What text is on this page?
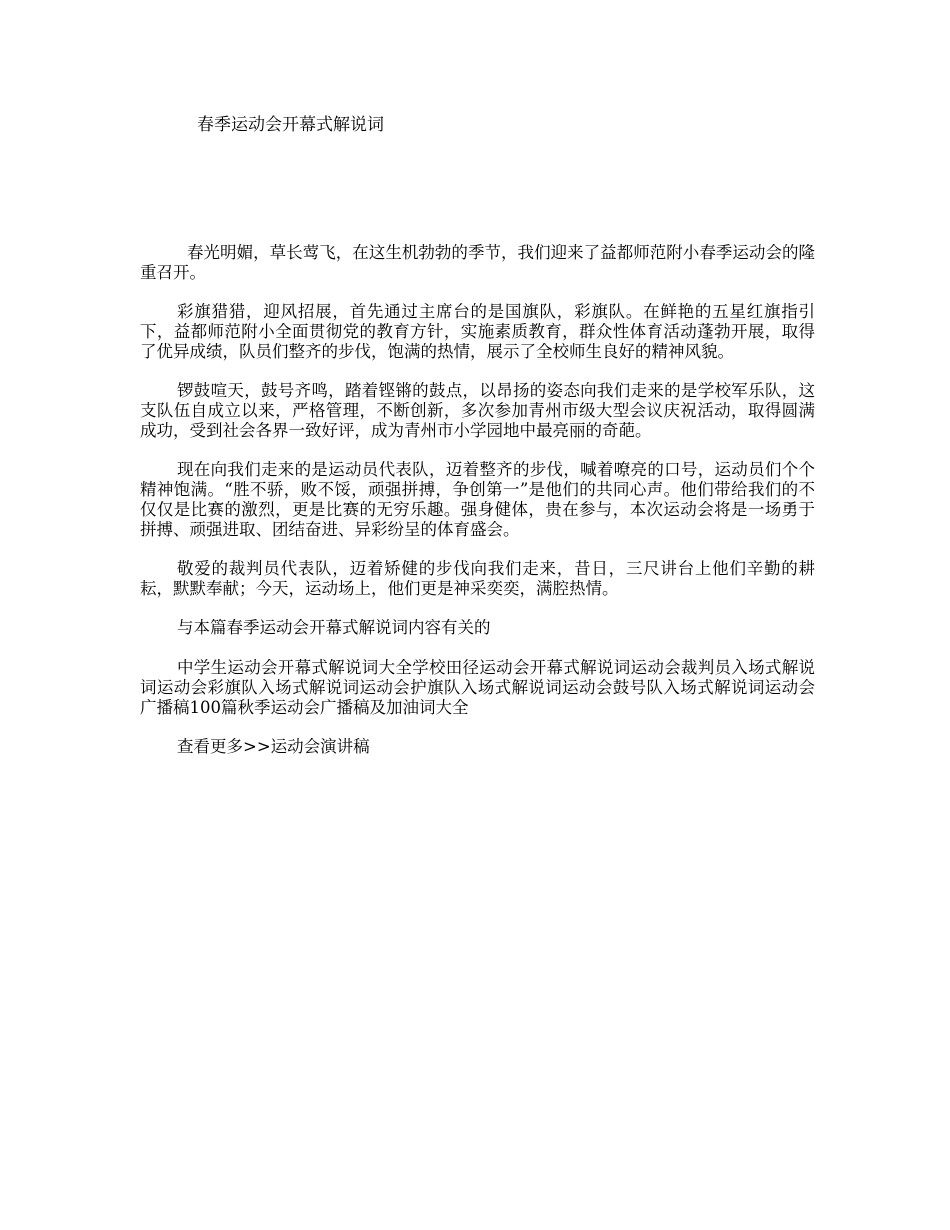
春季运动会开幕式解说词

春光明媚，草长莺飞，在这生机勃勃的季节，我们迎来了益都师范附小春季运动会的隆重召开。

彩旗猎猎，迎风招展，首先通过主席台的是国旗队，彩旗队。在鲜艳的五星红旗指引下，益都师范附小全面贯彻党的教育方针，实施素质教育，群众性体育活动蓬勃开展，取得了优异成绩，队员们整齐的步伐，饱满的热情，展示了全校师生良好的精神风貌。

锣鼓喧天，鼓号齐鸣，踏着铿锵的鼓点，以昂扬的姿态向我们走来的是学校军乐队，这支队伍自成立以来，严格管理，不断创新，多次参加青州市级大型会议庆祝活动，取得圆满成功，受到社会各界一致好评，成为青州市小学园地中最亮丽的奇葩。

现在向我们走来的是运动员代表队，迈着整齐的步伐，喊着嘹亮的口号，运动员们个个精神饱满。“胜不骄，败不馁，顽强拼搏，争创第一”是他们的共同心声。他们带给我们的不仅仅是比赛的激烈，更是比赛的无穷乐趣。强身健体，贵在参与，本次运动会将是一场勇于拼搏、顽强进取、团结奋进、异彩纷呈的体育盛会。

敬爱的裁判员代表队，迈着矫健的步伐向我们走来，昔日，三尺讲台上他们辛勤的耕耘，默默奉献；今天，运动场上，他们更是神采奕奕，满腔热情。

与本篇春季运动会开幕式解说词内容有关的

中学生运动会开幕式解说词大全学校田径运动会开幕式解说词运动会裁判员入场式解说词运动会彩旗队入场式解说词运动会护旗队入场式解说词运动会鼓号队入场式解说词运动会广播稿100篇秋季运动会广播稿及加油词大全

查看更多>>运动会演讲稿
